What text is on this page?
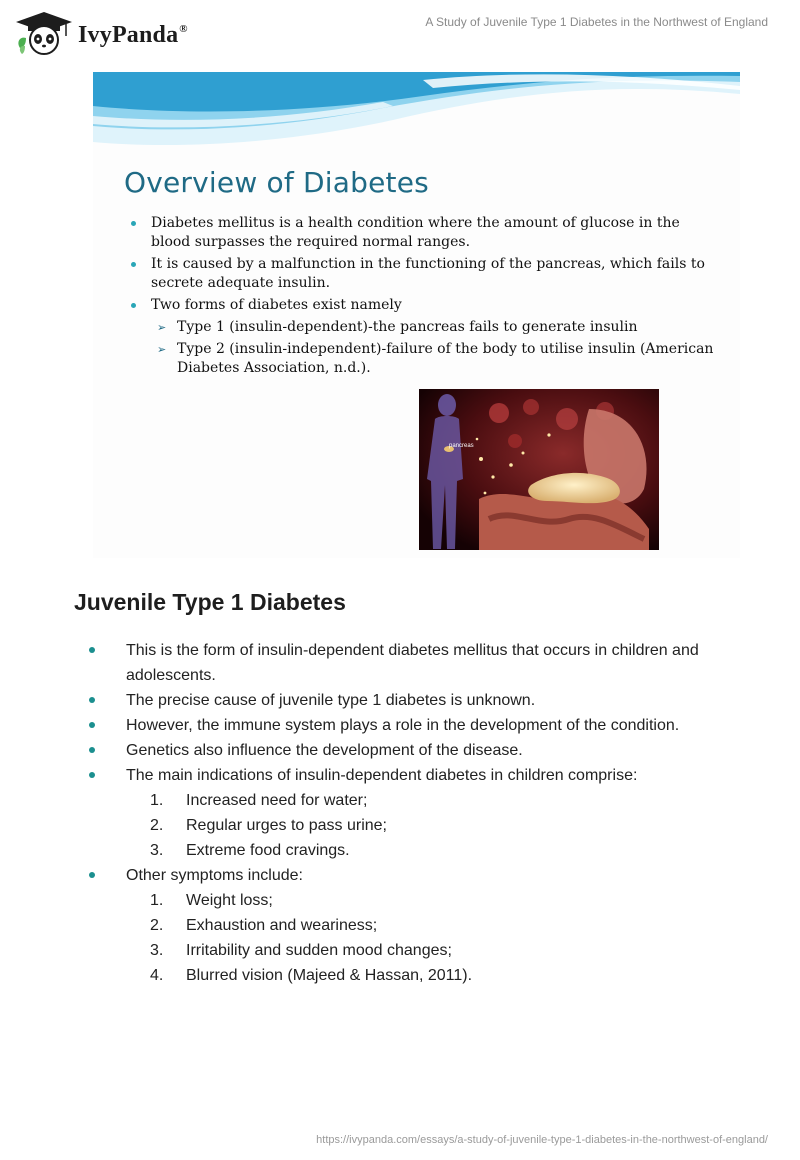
IvyPanda®	A Study of Juvenile Type 1 Diabetes in the Northwest of England
Overview of Diabetes
Diabetes mellitus is a health condition where the amount of glucose in the blood surpasses the required normal ranges.
It is caused by a malfunction in the functioning of the pancreas, which fails to secrete adequate insulin.
Two forms of diabetes exist namely
➢ Type 1 (insulin-dependent)-the pancreas fails to generate insulin
➢ Type 2 (insulin-independent)-failure of the body to utilise insulin (American Diabetes Association, n.d.).
pancreas
Juvenile Type 1 Diabetes
This is the form of insulin-dependent diabetes mellitus that occurs in children and adolescents.
The precise cause of juvenile type 1 diabetes is unknown.
However, the immune system plays a role in the development of the condition.
Genetics also influence the development of the disease.
The main indications of insulin-dependent diabetes in children comprise:
1. Increased need for water;
2. Regular urges to pass urine;
3. Extreme food cravings.
Other symptoms include:
1. Weight loss;
2. Exhaustion and weariness;
3. Irritability and sudden mood changes;
4. Blurred vision (Majeed & Hassan, 2011).
https://ivypanda.com/essays/a-study-of-juvenile-type-1-diabetes-in-the-northwest-of-england/
